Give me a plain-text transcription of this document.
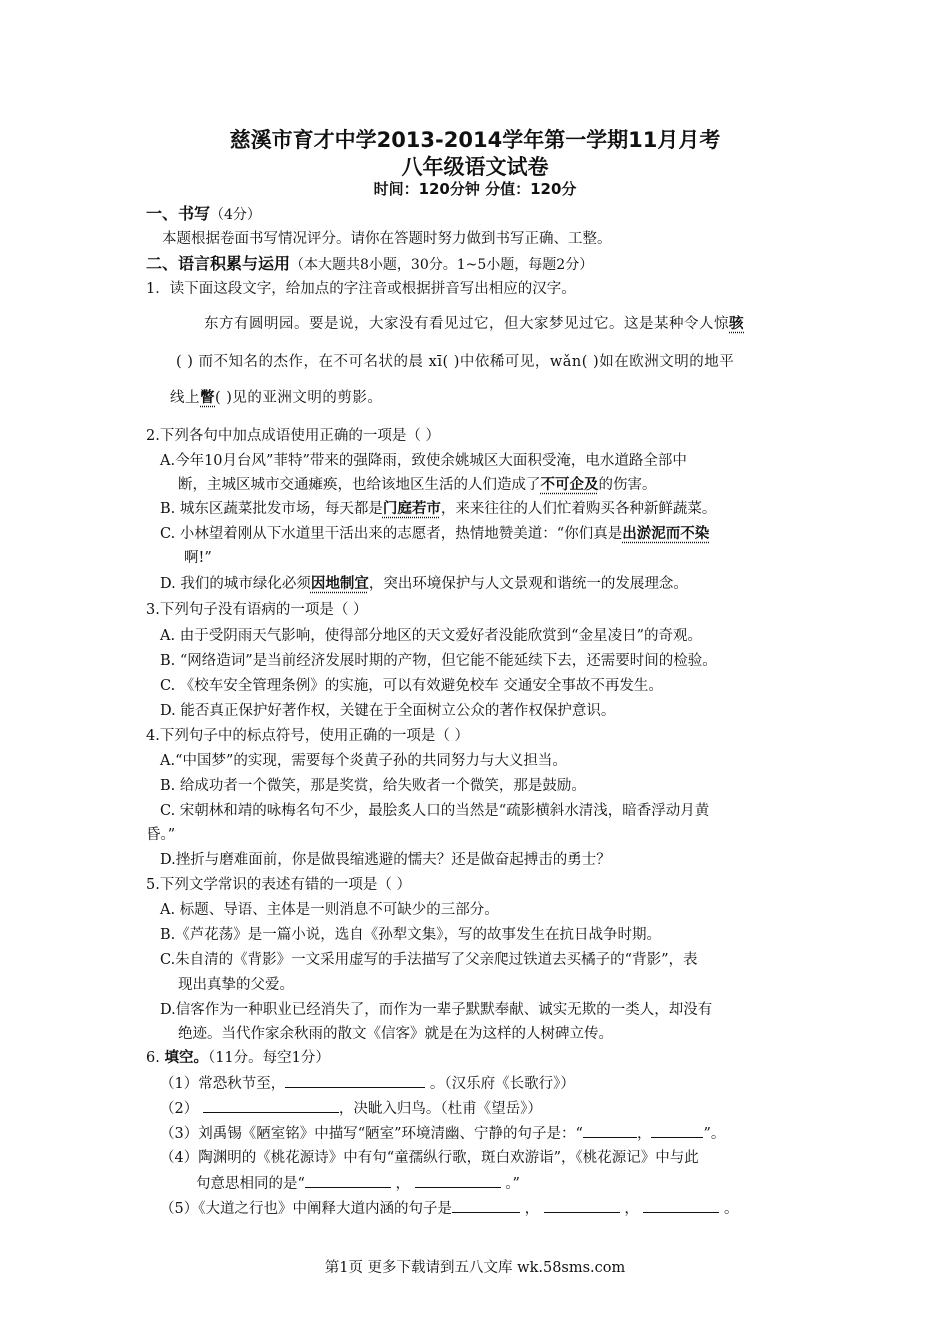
慈溪市育才中学2013-2014学年第一学期11月月考
八年级语文试卷
时间：120分钟 分值：120分
一、书写（4分）
本题根据卷面书写情况评分。请你在答题时努力做到书写正确、工整。
二、语言积累与运用（本大题共8小题，30分。1~5小题，每题2分）
1．读下面这段文字，给加点的字注音或根据拼音写出相应的汉字。
东方有圆明园。要是说，大家没有看见过它，但大家梦见过它。这是某种令人惊骇
( ) 而不知名的杰作，在不可名状的晨 xī( )中依稀可见，wǎn( )如在欧洲文明的地平
线上瞥( )见的亚洲文明的剪影。
2.下列各句中加点成语使用正确的一项是（ ）
A.今年10月台风”菲特”带来的强降雨，致使余姚城区大面积受淹，电水道路全部中
断，主城区城市交通瘫痪，也给该地区生活的人们造成了不可企及的伤害。
B. 城东区蔬菜批发市场，每天都是门庭若市，来来往往的人们忙着购买各种新鲜蔬菜。
C. 小林望着刚从下水道里干活出来的志愿者，热情地赞美道：“你们真是出淤泥而不染
啊!”
D. 我们的城市绿化必须因地制宜，突出环境保护与人文景观和谐统一的发展理念。
3.下列句子没有语病的一项是（ ）
A. 由于受阴雨天气影响，使得部分地区的天文爱好者没能欣赏到“金星凌日”的奇观。
B. “网络造词”是当前经济发展时期的产物，但它能不能延续下去，还需要时间的检验。
C. 《校车安全管理条例》的实施，可以有效避免校车 交通安全事故不再发生。
D. 能否真正保护好著作权，关键在于全面树立公众的著作权保护意识。
4.下列句子中的标点符号，使用正确的一项是（ ）
A.“中国梦”的实现，需要每个炎黄子孙的共同努力与大义担当。
B. 给成功者一个微笑，那是奖赏，给失败者一个微笑，那是鼓励。
C. 宋朝林和靖的咏梅名句不少，最脍炙人口的当然是“疏影横斜水清浅，暗香浮动月黄
昏。”
D.挫折与磨难面前，你是做畏缩逃避的懦夫？还是做奋起搏击的勇士？
5.下列文学常识的表述有错的一项是（ ）
A. 标题、导语、主体是一则消息不可缺少的三部分。
B.《芦花荡》是一篇小说，选自《孙犁文集》，写的故事发生在抗日战争时期。
C.朱自清的《背影》一文采用虚写的手法描写了父亲爬过铁道去买橘子的“背影”，表
现出真挚的父爱。
D.信客作为一种职业已经消失了，而作为一辈子默默奉献、诚实无欺的一类人，却没有
绝迹。当代作家余秋雨的散文《信客》就是在为这样的人树碑立传。
6. 填空。（11分。每空1分）
（1）常恐秋节至，	。（汉乐府《长歌行》）
（2）	，决眦入归鸟。（杜甫《望岳》）
（3）刘禹锡《陋室铭》中描写“陋室”环境清幽、宁静的句子是：“	，	”。
（4）陶渊明的《桃花源诗》中有句“童孺纵行歌，斑白欢游诣”，《桃花源记》中与此
句意思相同的是“	，	。”
（5）《大道之行也》中阐释大道内涵的句子是	，	，	。
第1页 更多下载请到五八文库 wk.58sms.com
